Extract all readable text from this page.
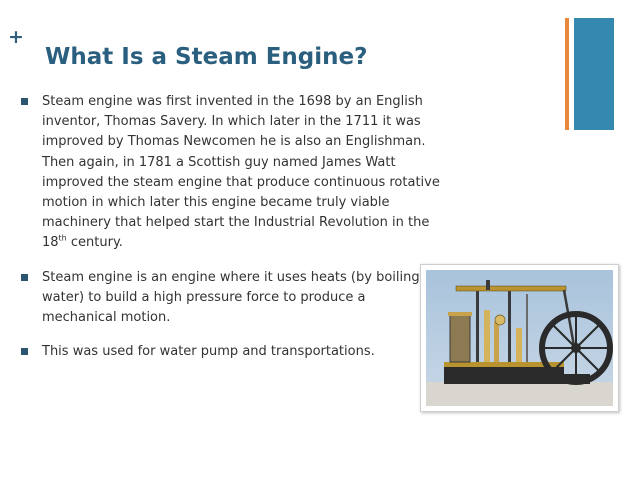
+
What Is a Steam Engine?
Steam engine was first invented in the 1698 by an English inventor, Thomas Savery. In which later in the 1711 it was improved by Thomas Newcomen he is also an Englishman. Then again, in 1781 a Scottish guy named James Watt improved the steam engine that produce continuous rotative motion in which later this engine became truly viable machinery that helped start the Industrial Revolution in the 18th century.
Steam engine is an engine where it uses heats (by boiling water) to build a high pressure force to produce a mechanical motion.
This was used for water pump and transportations.
